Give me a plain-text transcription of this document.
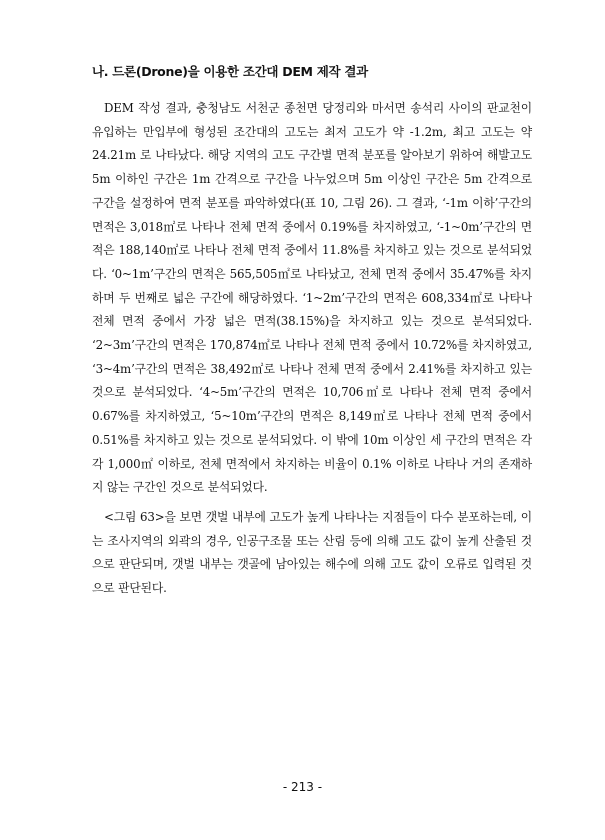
나. 드론(Drone)을 이용한 조간대 DEM 제작 결과
DEM 작성 결과, 충청남도 서천군 종천면 당정리와 마서면 송석리 사이의 판교천이 유입하는 만입부에 형성된 조간대의 고도는 최저 고도가 약 -1.2m, 최고 고도는 약 24.21m 로 나타났다. 해당 지역의 고도 구간별 면적 분포를 알아보기 위하여 해발고도 5m 이하인 구간은 1m 간격으로 구간을 나누었으며 5m 이상인 구간은 5m 간격으로 구간을 설정하여 면적 분포를 파악하였다(표 10, 그림 26). 그 결과, ‘-1m 이하’구간의 면적은 3,018㎡로 나타나 전체 면적 중에서 0.19%를 차지하였고, ‘-1~0m’구간의 면적은 188,140㎡로 나타나 전체 면적 중에서 11.8%를 차지하고 있는 것으로 분석되었다. ‘0~1m’구간의 면적은 565,505㎡로 나타났고, 전체 면적 중에서 35.47%를 차지하며 두 번째로 넓은 구간에 해당하였다. ‘1~2m’구간의 면적은 608,334㎡로 나타나 전체 면적 중에서 가장 넓은 면적(38.15%)을 차지하고 있는 것으로 분석되었다. ‘2~3m’구간의 면적은 170,874㎡로 나타나 전체 면적 중에서 10.72%를 차지하였고, ‘3~4m’구간의 면적은 38,492㎡로 나타나 전체 면적 중에서 2.41%를 차지하고 있는 것으로 분석되었다. ‘4~5m’구간의 면적은 10,706㎡로 나타나 전체 면적 중에서 0.67%를 차지하였고, ‘5~10m’구간의 면적은 8,149㎡로 나타나 전체 면적 중에서 0.51%를 차지하고 있는 것으로 분석되었다. 이 밖에 10m 이상인 세 구간의 면적은 각각 1,000㎡ 이하로, 전체 면적에서 차지하는 비율이 0.1% 이하로 나타나 거의 존재하지 않는 구간인 것으로 분석되었다.
<그림 63>을 보면 갯벌 내부에 고도가 높게 나타나는 지점들이 다수 분포하는데, 이는 조사지역의 외곽의 경우, 인공구조물 또는 산림 등에 의해 고도 값이 높게 산출된 것으로 판단되며, 갯벌 내부는 갯골에 남아있는 해수에 의해 고도 값이 오류로 입력된 것으로 판단된다.
- 213 -
